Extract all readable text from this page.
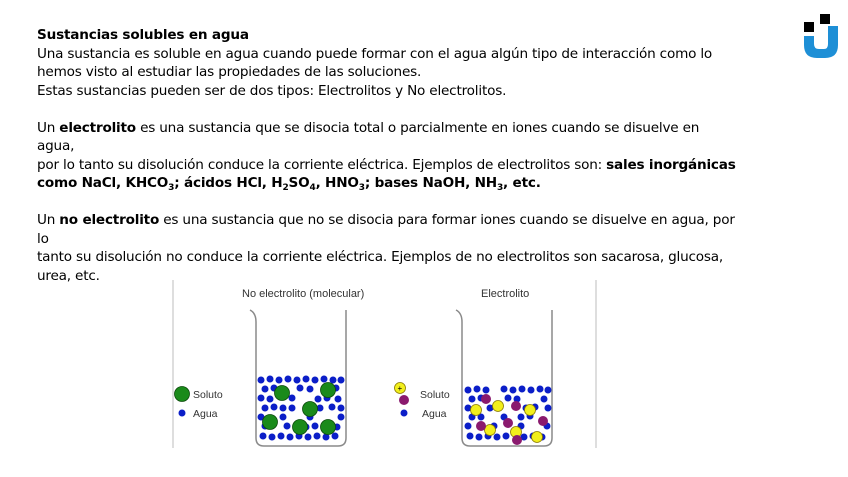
Sustancias solubles en agua

Una sustancia es soluble en agua cuando puede formar con el agua algún tipo de interacción como lo

hemos visto al estudiar las propiedades de las soluciones.

Estas sustancias pueden ser de dos tipos: Electrolitos y No electrolitos.

Un electrolito es una sustancia que se disocia total o parcialmente en iones cuando se disuelve en agua,

por lo tanto su disolución conduce la corriente eléctrica. Ejemplos de electrolitos son: sales inorgánicas

como NaCl, $KHCO_3$; ácidos HCl, $H_2SO_4$, $HNO_3$; bases NaOH, $NH_3$, etc.

Un no electrolito es una sustancia que no se disocia para formar iones cuando se disuelve en agua, por lo

tanto su disolución no conduce la corriente eléctrica. Ejemplos de no electrolitos son sacarosa, glucosa,

urea, etc.

No electrolito (molecular)	Electrolito
Soluto
Agua
+
Soluto
Agua
